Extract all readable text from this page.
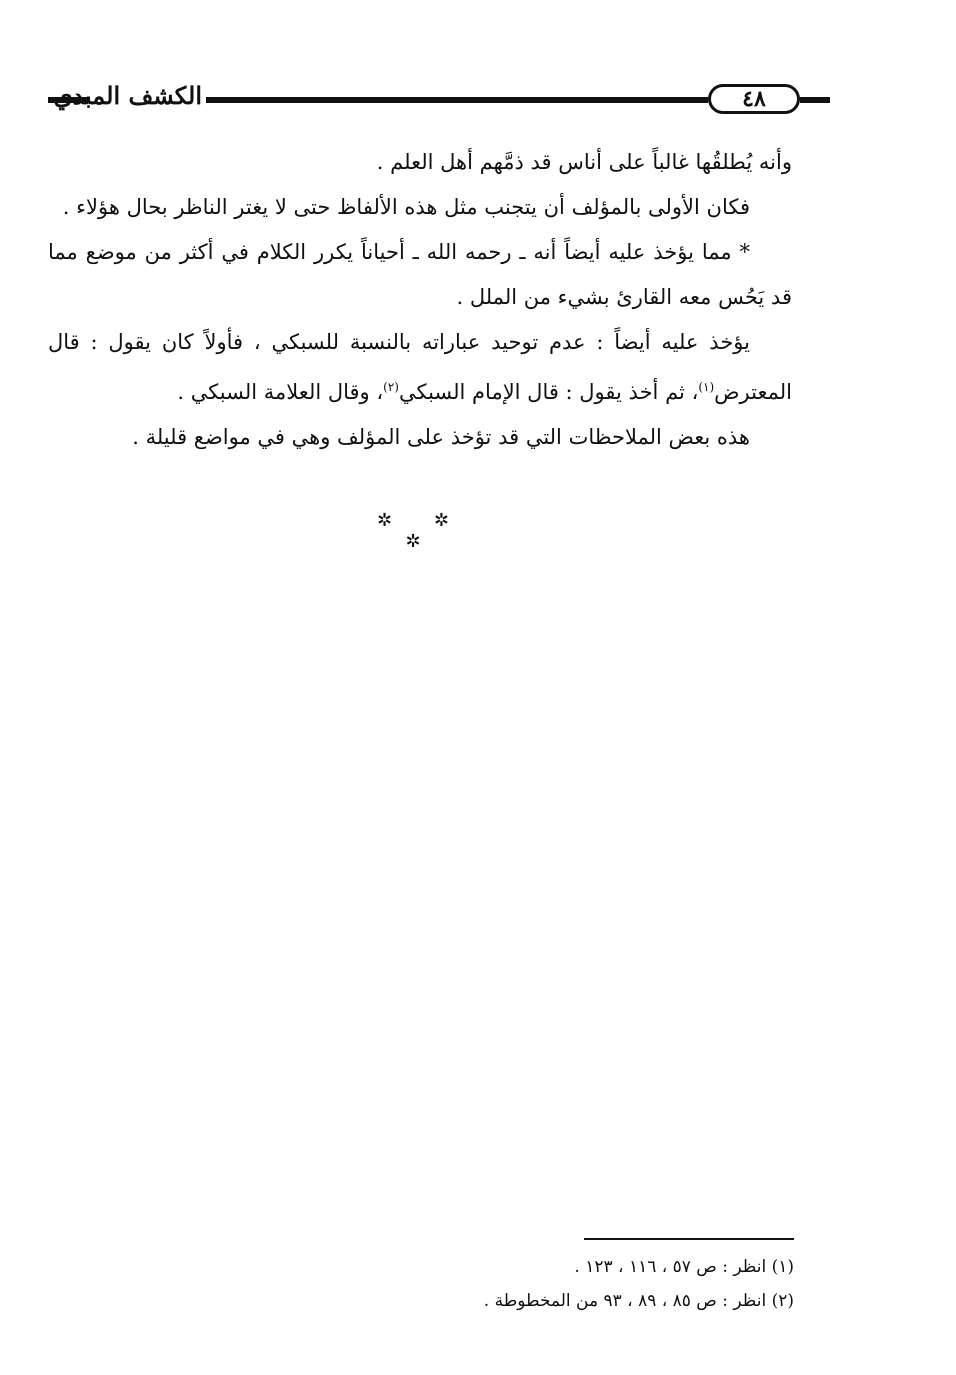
الكشف المبدي	٤٨

وأنه يُطلقُها غالباً على أناس قد ذمَّهم أهل العلم .

فكان الأولى بالمؤلف أن يتجنب مثل هذه الألفاظ حتى لا يغتر الناظر بحال هؤلاء .

* مما يؤخذ عليه أيضاً أنه ـ رحمه الله ـ أحياناً يكرر الكلام في أكثر من موضع مما قد يَحُس معه القارئ بشيء من الملل .

يؤخذ عليه أيضاً : عدم توحيد عباراته بالنسبة للسبكي ، فأولاً كان يقول : قال المعترض$^{(١)}$، ثم أخذ يقول : قال الإمام السبكي$^{(٢)}$، وقال العلامة السبكي .

هذه بعض الملاحظات التي قد تؤخذ على المؤلف وهي في مواضع قليلة .

✲ ✲ ✲

(١) انظر : ص ٥٧ ، ١١٦ ، ١٢٣ .

(٢) انظر : ص ٨٥ ، ٨٩ ، ٩٣ من المخطوطة .
